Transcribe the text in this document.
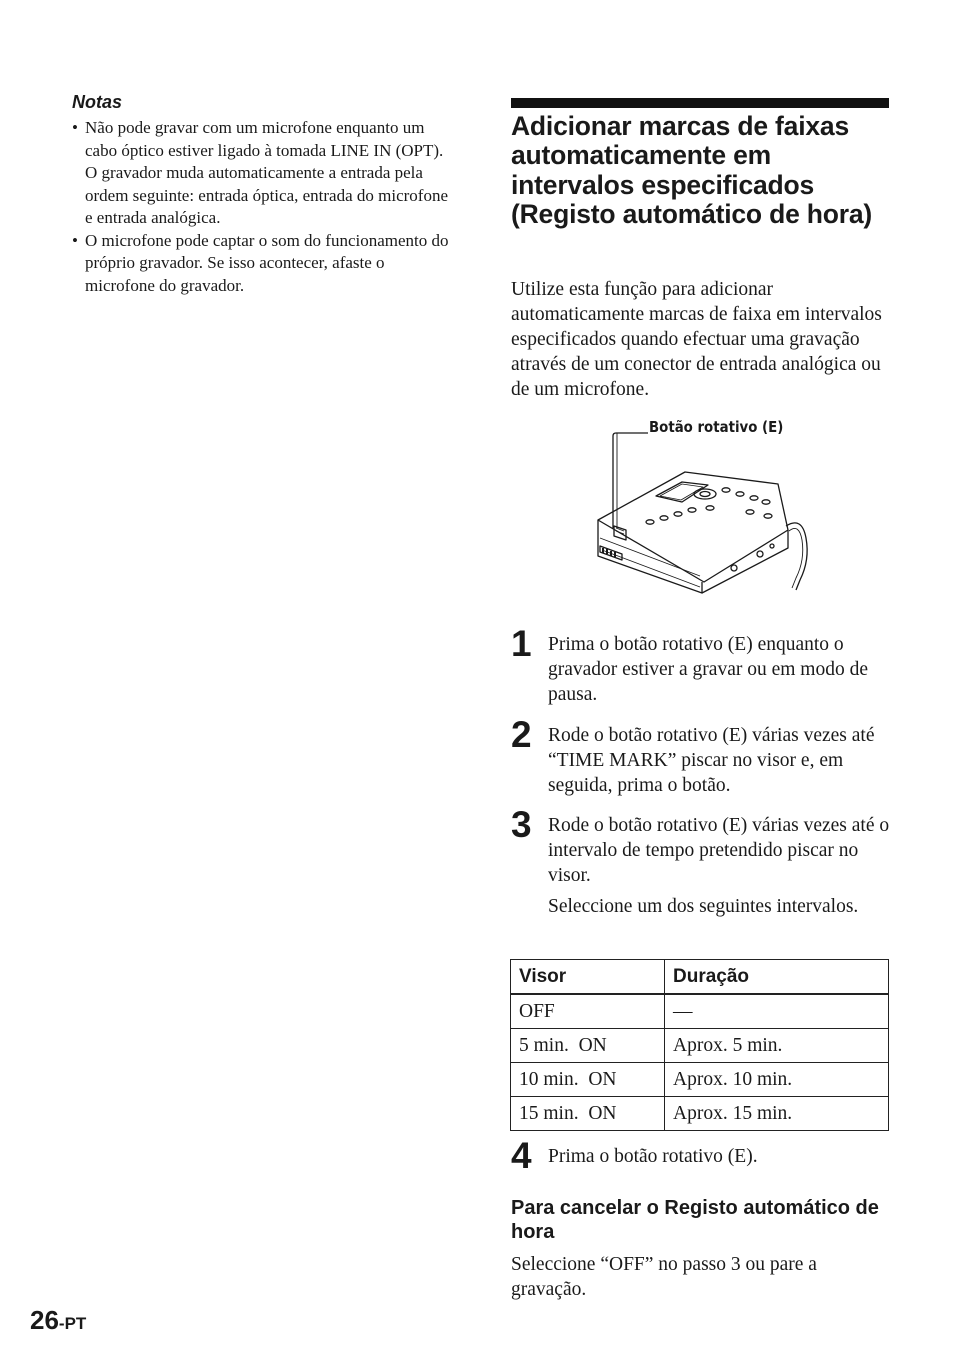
Notas

• Não pode gravar com um microfone enquanto um cabo óptico estiver ligado à tomada LINE IN (OPT). O gravador muda automaticamente a entrada pela ordem seguinte: entrada óptica, entrada do microfone e entrada analógica.
• O microfone pode captar o som do funcionamento do próprio gravador. Se isso acontecer, afaste o microfone do gravador.
Adicionar marcas de faixas automaticamente em intervalos especificados (Registo automático de hora)

Utilize esta função para adicionar automaticamente marcas de faixa em intervalos especificados quando efectuar uma gravação através de um conector de entrada analógica ou de um microfone.

Botão rotativo (E)

1 Prima o botão rotativo (E) enquanto o gravador estiver a gravar ou em modo de pausa.

2 Rode o botão rotativo (E) várias vezes até “TIME MARK” piscar no visor e, em seguida, prima o botão.

3 Rode o botão rotativo (E) várias vezes até o intervalo de tempo pretendido piscar no visor.

Seleccione um dos seguintes intervalos.

Visor	Duração
OFF	—
5 min.  ON	Aprox. 5 min.
10 min.  ON	Aprox. 10 min.
15 min.  ON	Aprox. 15 min.
4 Prima o botão rotativo (E).

Para cancelar o Registo automático de hora

Seleccione “OFF” no passo 3 ou pare a gravação.

26-PT
